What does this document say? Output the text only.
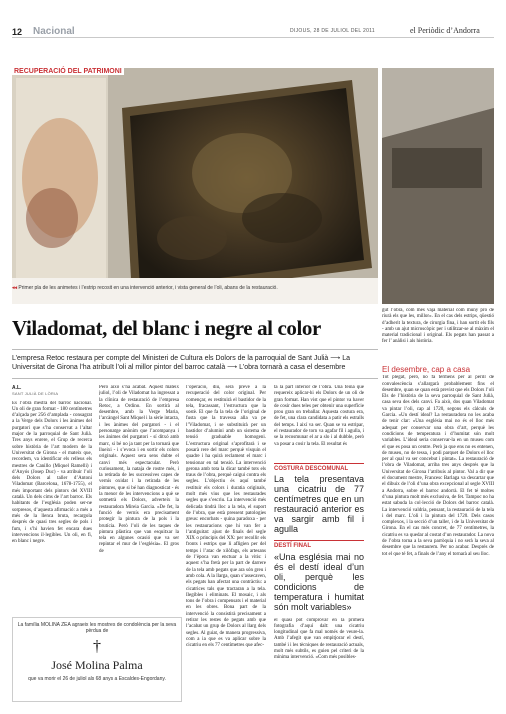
12 Nacional	DIJOUS, 28 DE JULIOL DEL 2011	el Periòdic d’Andorra
RECUPERACIÓ DEL PATRIMONI
◂◂ Primer pla de les animetes i l’estrip recosit en una intervenció anterior, i vista general de l’oli, abans de la restauració.
Viladomat, del blanc i negre al color
L’empresa Retoc restaura per compte del Ministeri de Cultura els Dolors de la parroquial de Sant Julià ⟶ La Universitat de Girona l’ha atribuït l’oli al millor pintor del barroc català ⟶ L’obra tornarà a casa el desembre
A.L.
SANT JULIÀ DE LÒRIA
És l’obra mestra del barroc nacional. Un oli de gran format - 180 centímetres d’alçada per 256 d’amplada - consagrat a la Verge dels Dolors i les ànimes del purgatori que s’ha conservat a l’altar major de la parroquial de Sant Julià. Tres anys enrere, el Grup de recerca sobre història de l’art modern de la Universitat de Girona - el mateix que, recordem, va identificar els relleus els mestres de Canillo (Miquel Ramelli) i d’Anyós (Josep Duc) - va atribuir l’oli dels Dolors al taller d’Antoni Viladomat (Barcelona, 1678-1755), el més important dels pintors del XVIII català. Un dels cims de l’art barroc. Els habitants de l’església poden ser-ne sorpresos, d’aquesta afirmació: a més a més de la llenca bruta, recargola després de quasi tres segles de pols i fum, i s’hi havien fet encara dues intervencions il·legibles. Un oli, en fi, en blanc i negre.
La família MOLINA ZEA agraeix les mostres de condolència per la seva pèrdua de
†
José Molina Palma
que va morir el 26 de juliol als 68 anys a Escaldes-Engordany.
Però això s’ha acabat. Aquest mateix juliol, l’oli de Viladomat ha ingressat a la clínica de restauració de l’empresa Retoc, a Ordino. En sortirà al desembre, amb la Verge Maria, l’arcàngel Sant Miquel i la sèrie intacta, i les ànimes del purgatori - i el personatge anònim que l’acompanya i les ànimes del purgatori - sí ditxó amb marc, si bé no ja tant per la tornarà que llueixi - i s’evoca i en sortir els colors originals. Aquest sera sens dubte el canvi més espectacular. Però curiosament, la nataja de rostre més, i la retirada de les successives capes de vernís oxidat i la retirada de les pintures, que si bé han diagnosticat - és la menor de les intervencions a què se sotmetrà els Dolors, adverteix la restauradora Mireia Garcia. «De fet, la funció de vernís era precisament protegir la pintura de la pols i la brutícia. Però l’oli de les taques de pintura plàstica que van esquitxar la tela en algunes ocasió que va ser repintar el mur de l’església». El gros de
l’operació, diu, serà prevé a la recuperació del color original. Per començar, es restituirà el bastidor de la tela, fracassant, l’estructura que la sostè. El que fa la tela de l’original de fusta que la travessa alla va pe l’Viladomat, i se substituirà per un bastidor d’alumini amb un sistema de tensió graduable homogeni. L’estructura original s’aprofitarà i se posarà rere del marc perquè visquin el quadre i ha quirà reclament el marc i tensionar en tal tensió. La intervenció gerona amb tota la dicar també tots els traus de l’obra, perquè caigui contra els segles. L’objectiu és aquí també restituir els colors i duratia originals, molt més vius que les restaurades segles que s’escriu. La intervenció més delicada tindrà lloc a la tela, el suport de l’obra, que està pressent patologies greus: encorbats - quina paradoxa - per les restauracions que hi van fer a l’antiguitat: ajust de finals del segle XIX o principis del XX: per recollir els fronts i estrips que li afligien per del temps i l’atac de xilòfags, els artesans de l’època van enctuar a la vitis: i aquest s’ha fretà per la part de darrere de la tela amb pegats que ara són greu i amb cola. A la llarga, quan s’assecaven, els pegats han afectat una contràctiu: a cicatrices tals que tractaran a la tela. Ilegibles i eliminats. El mosaic, i als tons de l’obra i compensats i el material en les obres. Bona part de la intervenció la consistirà precisament a retirar les restes de pegats amb que l’acabat un grup de Dolors al llarg dels segles. Al guiat, de manera progressiva, com a ia que es va aplicar sobre la cicatriu en els 77 centímetres que afec-
ta la part inferior de l’obra. Una feina que requereix aplicar-hi els Dolors de un oli de gran format. Han vist que el pintor va haver de cosir dues teles per obtenir una superfície prou gran on treballar. Aquesta costura era, de fet, una clara candidata a patir els estralls del temps. I així va ser. Quan se va estripar, el restaurador de torn va agafar fil i agulla, i se la recosmunar el ar a slo i al dubble, però va posar a cosir la tela. El resultat és
COSTURA DESCOMUNAL
La tela presentava una cicatriu de 77 centímetres que en un restauració anterior es va sargir amb fil i agulla
DESTÍ FINAL
«Una església mai no és el destí ideal d’un oli, perquè les condicions de temperatura i humitat són molt variables»
el quasi pot comprovar en la primera fotografia d’aquí dalt: una cicatriu longitudinal que fa mal només de veure-la. Amb l’afegit que van empitjorar el destí, també i i les tècniques de restauració actuals, molt més subtils, es guien pel criteri de la mínima intervenció. «Com més posibles-
gut l’obra, com més vaja material com muny pro de riurà els que les, millor». En el cas dels estrips, qüestió d’adherit la textura, de cirurgia fina, i han sortit els fils - amb un ajut microscòpic per i utilitzar-se al màxim el material tradicional i original. Els pegats han passat a fer l’ anàlisi i als història.
El desembre, cap a casa
Tot plegat, però, no fa tèrmens per al perill de convalescència s’allargarà probablement fins el desembre, quan se quan està previst que els Dolors l’oli Els de l’història de la seva parroquial de Sant Julià, casa seva des dels canvi. Fa això, dos quan Viladomat va pintar l’oli, cap al 1720, segons els càlculs de Garcia. «Un destí ideal? La restauradora no les acaba de tenir clar: «Una església mai no és el lloc més adequat per conservar una obra d’art, perquè les condicions de temperatura i d’humitat són molt variables. L’ideal seria conservar-la en un museu com el que es posa un centre. Però ja que ens no es entenen, de museu, no de tessa, i podi parquet de Dolors el lloc per al qual va ser concebut i pintat». La restauració de l’obra de Viladomat, arriba tres anys després que la Universitat de Girona l’atribuís al pintor. Val a dir que el document mestre, Francesc Barlaga va descartar que el dibuix de l’oli d’una obra excepcional al segle XVIII a Andorra, sobre el barroc andorrà. El fet té moltes d’una pintura molt més exclusiva, de fet. Tampoc no ha estat sabuda la col·lecció de Dolors del barroc català. La intervenció valdria, pensant, la restauració de la tela i del marc. L’oli i la pintura del 1720. Dels casos complexos, i la secció d’un taller, i de la Universitat de Girona. En el cas més concret, de 77 centímetres, la cicatriu es va quedar al costat d’un restaurador. La nova de l’obra torna a la seva parròquia i no serà la seva al desembre que la restaurem. Per no acabar. Després de tot el que té fet, a finals de l’any el tornarà al seu lloc.
